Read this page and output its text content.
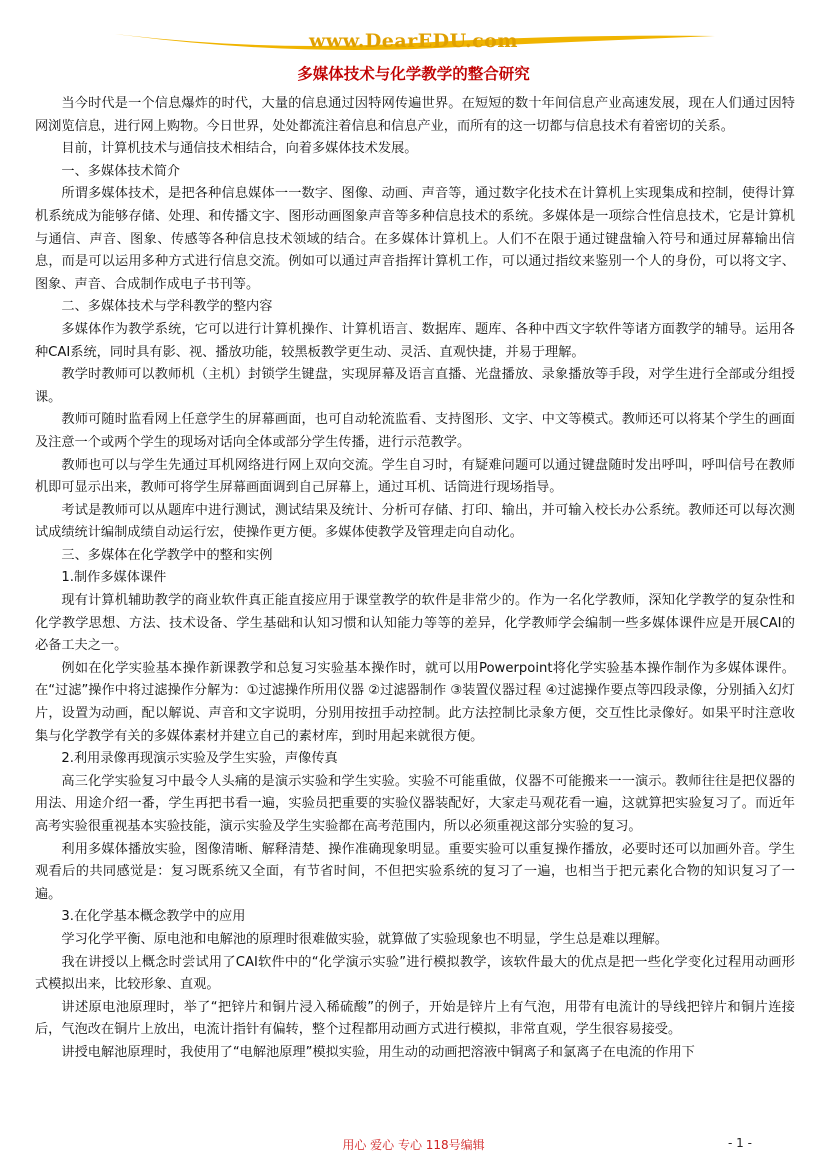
www.DearEDU.com
多媒体技术与化学教学的整合研究

当今时代是一个信息爆炸的时代，大量的信息通过因特网传遍世界。在短短的数十年间信息产业高速发展，现在人们通过因特网浏览信息，进行网上购物。今日世界，处处都流注着信息和信息产业，而所有的这一切都与信息技术有着密切的关系。

目前，计算机技术与通信技术相结合，向着多媒体技术发展。

一、多媒体技术简介

所谓多媒体技术，是把各种信息媒体一一数字、图像、动画、声音等，通过数字化技术在计算机上实现集成和控制，使得计算机系统成为能够存储、处理、和传播文字、图形动画图象声音等多种信息技术的系统。多媒体是一项综合性信息技术，它是计算机与通信、声音、图象、传感等各种信息技术领域的结合。在多媒体计算机上。人们不在限于通过键盘输入符号和通过屏幕输出信息，而是可以运用多种方式进行信息交流。例如可以通过声音指挥计算机工作，可以通过指纹来鉴别一个人的身份，可以将文字、图象、声音、合成制作成电子书刊等。

二、多媒体技术与学科教学的整内容

多媒体作为教学系统，它可以进行计算机操作、计算机语言、数据库、题库、各种中西文字软件等诸方面教学的辅导。运用各种CAI系统，同时具有影、视、播放功能，较黑板教学更生动、灵活、直观快捷，并易于理解。

教学时教师可以教师机（主机）封锁学生键盘，实现屏幕及语言直播、光盘播放、录象播放等手段，对学生进行全部或分组授课。

教师可随时监看网上任意学生的屏幕画面，也可自动轮流监看、支持图形、文字、中文等模式。教师还可以将某个学生的画面及注意一个或两个学生的现场对话向全体或部分学生传播，进行示范教学。

教师也可以与学生先通过耳机网络进行网上双向交流。学生自习时，有疑难问题可以通过键盘随时发出呼叫，呼叫信号在教师机即可显示出来，教师可将学生屏幕画面调到自己屏幕上，通过耳机、话筒进行现场指导。

考试是教师可以从题库中进行测试，测试结果及统计、分析可存储、打印、输出，并可输入校长办公系统。教师还可以每次测试成绩统计编制成绩自动运行宏，使操作更方便。多媒体使教学及管理走向自动化。

三、多媒体在化学教学中的整和实例

1.制作多媒体课件

现有计算机辅助教学的商业软件真正能直接应用于课堂教学的软件是非常少的。作为一名化学教师，深知化学教学的复杂性和化学教学思想、方法、技术设备、学生基础和认知习惯和认知能力等等的差异，化学教师学会编制一些多媒体课件应是开展CAI的必备工夫之一。

例如在化学实验基本操作新课教学和总复习实验基本操作时，就可以用Powerpoint将化学实验基本操作制作为多媒体课件。在“过滤”操作中将过滤操作分解为：①过滤操作所用仪器 ②过滤器制作 ③装置仪器过程 ④过滤操作要点等四段录像，分别插入幻灯片，设置为动画，配以解说、声音和文字说明，分别用按扭手动控制。此方法控制比录象方便，交互性比录像好。如果平时注意收集与化学教学有关的多媒体素材并建立自己的素材库，到时用起来就很方便。

2.利用录像再现演示实验及学生实验，声像传真

高三化学实验复习中最令人头痛的是演示实验和学生实验。实验不可能重做，仪器不可能搬来一一演示。教师往往是把仪器的用法、用途介绍一番，学生再把书看一遍，实验员把重要的实验仪器装配好，大家走马观花看一遍，这就算把实验复习了。而近年高考实验很重视基本实验技能，演示实验及学生实验都在高考范围内，所以必须重视这部分实验的复习。

利用多媒体播放实验，图像清晰、解释清楚、操作准确现象明显。重要实验可以重复操作播放，必要时还可以加画外音。学生观看后的共同感觉是：复习既系统又全面，有节省时间，不但把实验系统的复习了一遍，也相当于把元素化合物的知识复习了一遍。

3.在化学基本概念教学中的应用

学习化学平衡、原电池和电解池的原理时很难做实验，就算做了实验现象也不明显，学生总是难以理解。

我在讲授以上概念时尝试用了CAI软件中的“化学演示实验”进行模拟教学，该软件最大的优点是把一些化学变化过程用动画形式模拟出来，比较形象、直观。

讲述原电池原理时，举了“把锌片和铜片浸入稀硫酸”的例子，开始是锌片上有气泡，用带有电流计的导线把锌片和铜片连接后，气泡改在铜片上放出，电流计指针有偏转，整个过程都用动画方式进行模拟，非常直观，学生很容易接受。

讲授电解池原理时，我使用了“电解池原理”模拟实验，用生动的动画把溶液中铜离子和氯离子在电流的作用下

用心 爱心 专心 118号编辑	- 1 -
